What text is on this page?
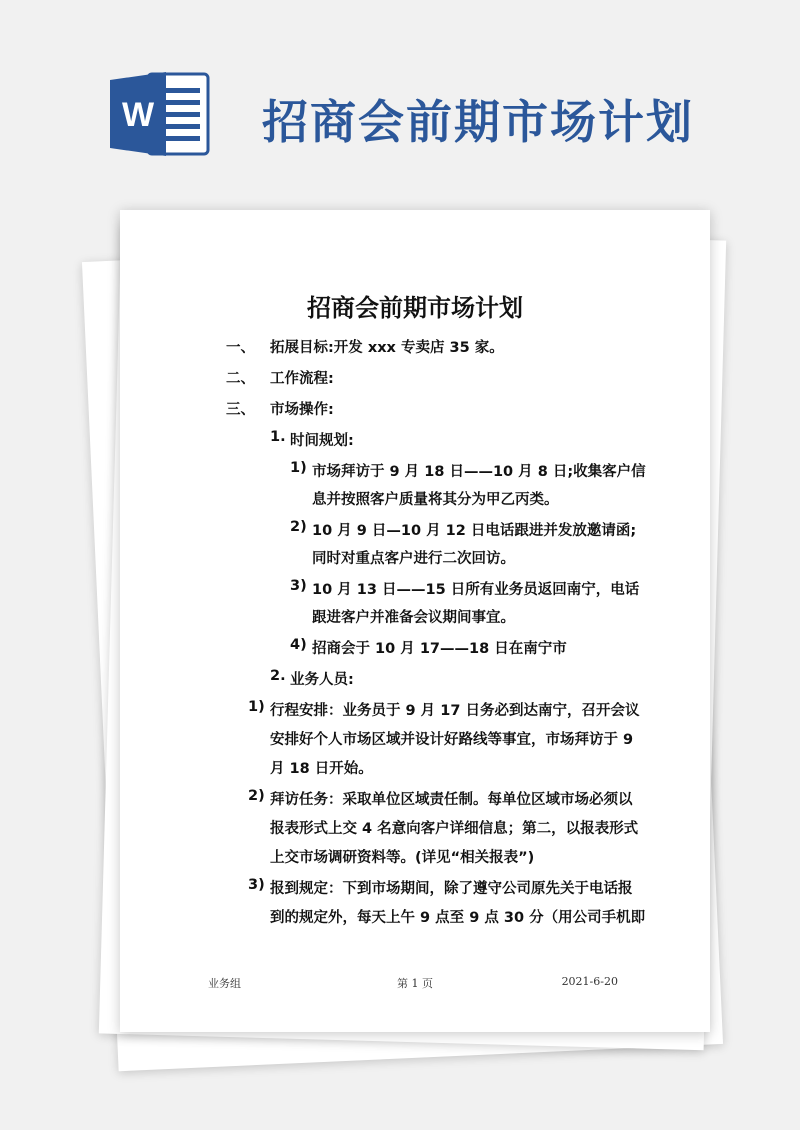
W 招商会前期市场计划
招商会前期市场计划
一、 拓展目标:开发 xxx 专卖店 35 家。
二、 工作流程:
三、 市场操作:
1. 时间规划:
1) 市场拜访于 9 月 18 日——10 月 8 日;收集客户信
息并按照客户质量将其分为甲乙丙类。
2) 10 月 9 日—10 月 12 日电话跟进并发放邀请函;
同时对重点客户进行二次回访。
3) 10 月 13 日——15 日所有业务员返回南宁，电话
跟进客户并准备会议期间事宜。
4) 招商会于 10 月 17——18 日在南宁市
2. 业务人员:
1) 行程安排：业务员于 9 月 17 日务必到达南宁，召开会议
安排好个人市场区域并设计好路线等事宜，市场拜访于 9
月 18 日开始。
2) 拜访任务：采取单位区域责任制。每单位区域市场必须以
报表形式上交 4 名意向客户详细信息；第二，以报表形式
上交市场调研资料等。(详见“相关报表”)
3) 报到规定：下到市场期间，除了遵守公司原先关于电话报
到的规定外，每天上午 9 点至 9 点 30 分（用公司手机即
业务组	第 1 页	2021-6-20
